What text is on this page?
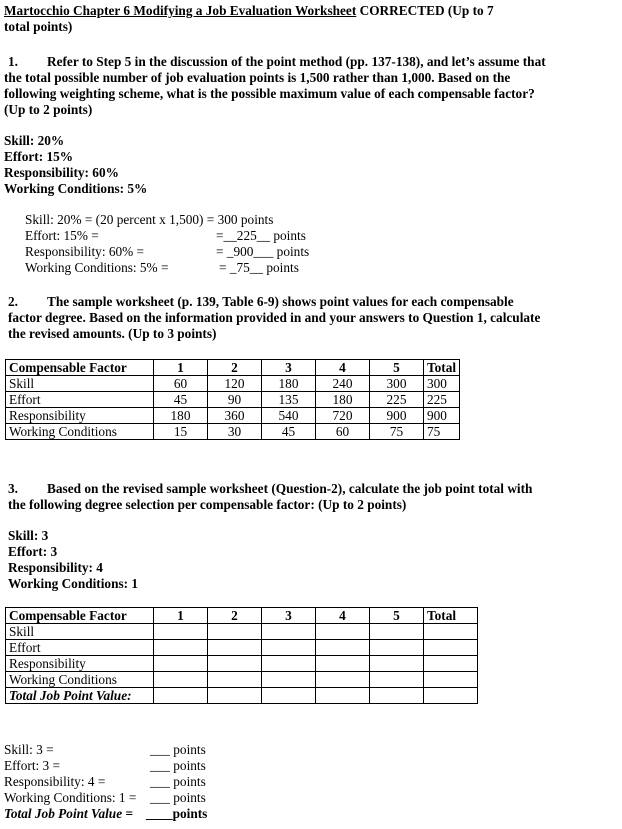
Martocchio Chapter 6 Modifying a Job Evaluation Worksheet CORRECTED (Up to 7
total points)
1. Refer to Step 5 in the discussion of the point method (pp. 137-138), and let’s assume that
the total possible number of job evaluation points is 1,500 rather than 1,000. Based on the
following weighting scheme, what is the possible maximum value of each compensable factor?
(Up to 2 points)
Skill: 20%
Effort: 15%
Responsibility: 60%
Working Conditions: 5%
Skill: 20% = (20 percent x 1,500) = 300 points
Effort: 15% =	=__225__ points
Responsibility: 60% =	= _900___ points
Working Conditions: 5% =	= _75__ points
2. The sample worksheet (p. 139, Table 6-9) shows point values for each compensable
factor degree. Based on the information provided in and your answers to Question 1, calculate
the revised amounts. (Up to 3 points)
Compensable Factor	1	2	3	4	5	Total
Skill	60	120	180	240	300	300
Effort	45	90	135	180	225	225
Responsibility	180	360	540	720	900	900
Working Conditions	15	30	45	60	75	75
3. Based on the revised sample worksheet (Question-2), calculate the job point total with
the following degree selection per compensable factor: (Up to 2 points)
Skill: 3
Effort: 3
Responsibility: 4
Working Conditions: 1
Compensable Factor	1	2	3	4	5	Total
Skill						
Effort						
Responsibility						
Working Conditions						
Total Job Point Value:						
Skill: 3 =	___ points
Effort: 3 =	___ points
Responsibility: 4 =	___ points
Working Conditions: 1 = ___ points
Total Job Point Value = ____points
